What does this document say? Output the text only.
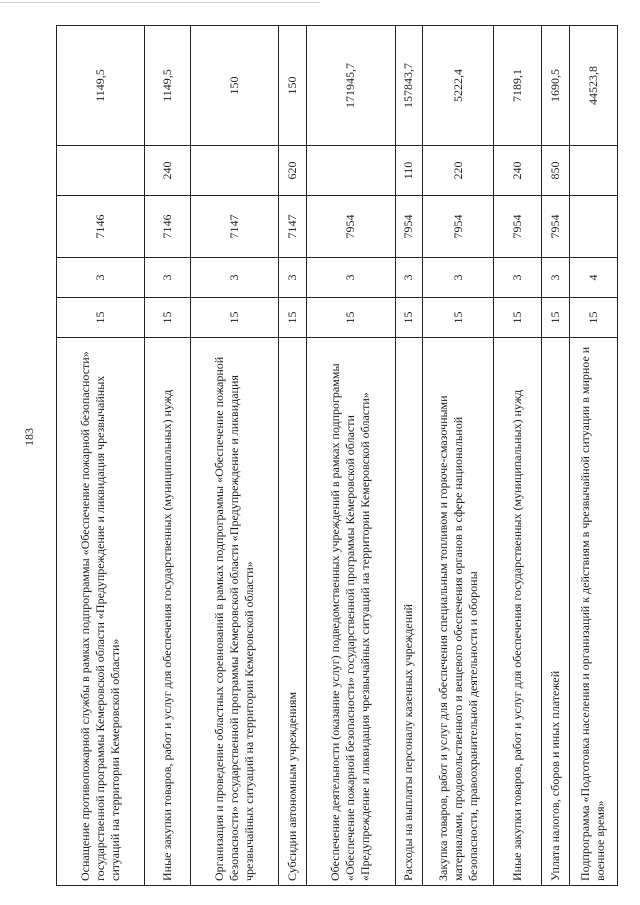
183	Оснащение противопожарной службы в рамках подпрограммы «Обеспечение пожарной безопасности» государственной программы Кемеровской области «Предупреждение и ликвидация чрезвычайных ситуаций на территории Кемеровской области»	15	3	7146		1149,5
Иные закупки товаров, работ и услуг для обеспечения государственных (муниципальных) нужд	15	3	7146	240	1149,5
Организация и проведение областных соревнований в рамках подпрограммы «Обеспечение пожарной безопасности» государственной программы Кемеровской области «Предупреждение и ликвидация чрезвычайных ситуаций на территории Кемеровской области»	15	3	7147		150
Субсидии автономным учреждениям	15	3	7147	620	150
Обеспечение деятельности (оказание услуг) подведомственных учреждений в рамках подпрограммы «Обеспечение пожарной безопасности» государственной программы Кемеровской области «Предупреждение и ликвидация чрезвычайных ситуаций на территории Кемеровской области»	15	3	7954		171945,7
Расходы на выплаты персоналу казенных учреждений	15	3	7954	110	157843,7
Закупка товаров, работ и услуг для обеспечения специальным топливом и горюче-смазочными материалами, продовольственного и вещевого обеспечения органов в сфере национальной безопасности, правоохранительной деятельности и обороны	15	3	7954	220	5222,4
Иные закупки товаров, работ и услуг для обеспечения государственных (муниципальных) нужд	15	3	7954	240	7189,1
Уплата налогов, сборов и иных платежей	15	3	7954	850	1690,5
Подпрограмма «Подготовка населения и организаций к действиям в чрезвычайной ситуации в мирное и военное время»	15	4			44523,8
